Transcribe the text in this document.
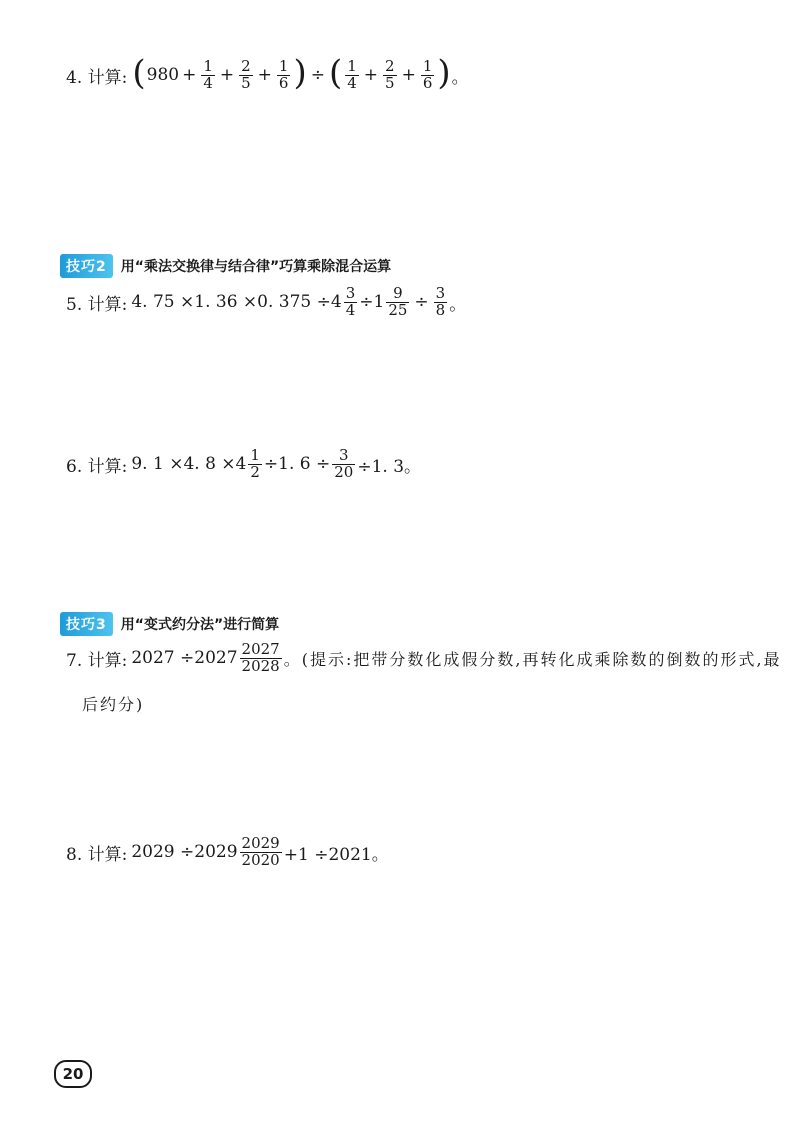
4. 计算: ( $980 + \frac{1}{4} + \frac{2}{5} + \frac{1}{6}$ ) ÷ ( $\frac{1}{4} + \frac{2}{5} + \frac{1}{6}$ ) 。
技巧2	用“乘法交换律与结合律”巧算乘除混合运算
5. 计算: 4. 75 ×1. 36 ×0. $375 \div 4 \frac{3}{4} \div 1 \frac{9}{25} \div \frac{3}{8}$ 。
6. 计算: 9. 1 ×4. $8 \times 4 \frac{1}{2} \div 1$. $6 \div \frac{3}{20} \div 1$. 3。
技巧3	用“变式约分法”进行简算
7. 计算: $2027 \div 2027 \frac{2027}{2028}$ 。(提示:把带分数化成假分数,再转化成乘除数的倒数的形式,最
后约分)
8. 计算: $2029 \div 2029 \frac{2029}{2020} +1 \div 2021$。
20
